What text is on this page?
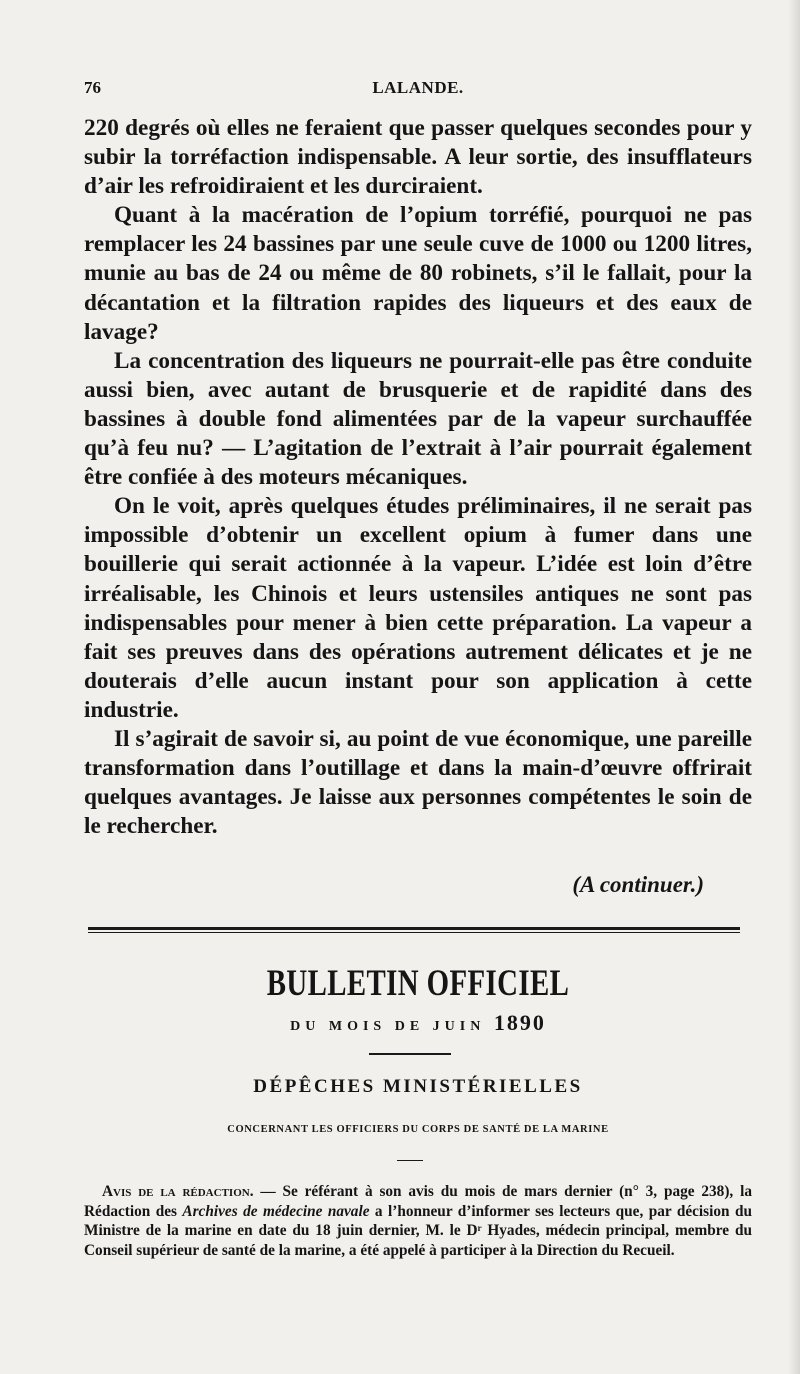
76	LALANDE.

220 degrés où elles ne feraient que passer quelques secondes pour y subir la torréfaction indispensable. A leur sortie, des insufflateurs d’air les refroidiraient et les durciraient.

Quant à la macération de l’opium torréfié, pourquoi ne pas remplacer les 24 bassines par une seule cuve de 1000 ou 1200 litres, munie au bas de 24 ou même de 80 robinets, s’il le fallait, pour la décantation et la filtration rapides des liqueurs et des eaux de lavage?

La concentration des liqueurs ne pourrait-elle pas être conduite aussi bien, avec autant de brusquerie et de rapidité dans des bassines à double fond alimentées par de la vapeur surchauffée qu’à feu nu? — L’agitation de l’extrait à l’air pourrait également être confiée à des moteurs mécaniques.

On le voit, après quelques études préliminaires, il ne serait pas impossible d’obtenir un excellent opium à fumer dans une bouillerie qui serait actionnée à la vapeur. L’idée est loin d’être irréalisable, les Chinois et leurs ustensiles antiques ne sont pas indispensables pour mener à bien cette préparation. La vapeur a fait ses preuves dans des opérations autrement délicates et je ne douterais d’elle aucun instant pour son application à cette industrie.

Il s’agirait de savoir si, au point de vue économique, une pareille transformation dans l’outillage et dans la main-d’œuvre offrirait quelques avantages. Je laisse aux personnes compétentes le soin de le rechercher.

(A continuer.)
BULLETIN OFFICIEL
DU MOIS DE JUIN 1890
DÉPÊCHES MINISTÉRIELLES
CONCERNANT LES OFFICIERS DU CORPS DE SANTÉ DE LA MARINE

Avis de la rédaction. — Se référant à son avis du mois de mars dernier (n° 3, page 238), la Rédaction des Archives de médecine navale a l’honneur d’informer ses lecteurs que, par décision du Ministre de la marine en date du 18 juin dernier, M. le Dʳ Hyades, médecin principal, membre du Conseil supérieur de santé de la marine, a été appelé à participer à la Direction du Recueil.
